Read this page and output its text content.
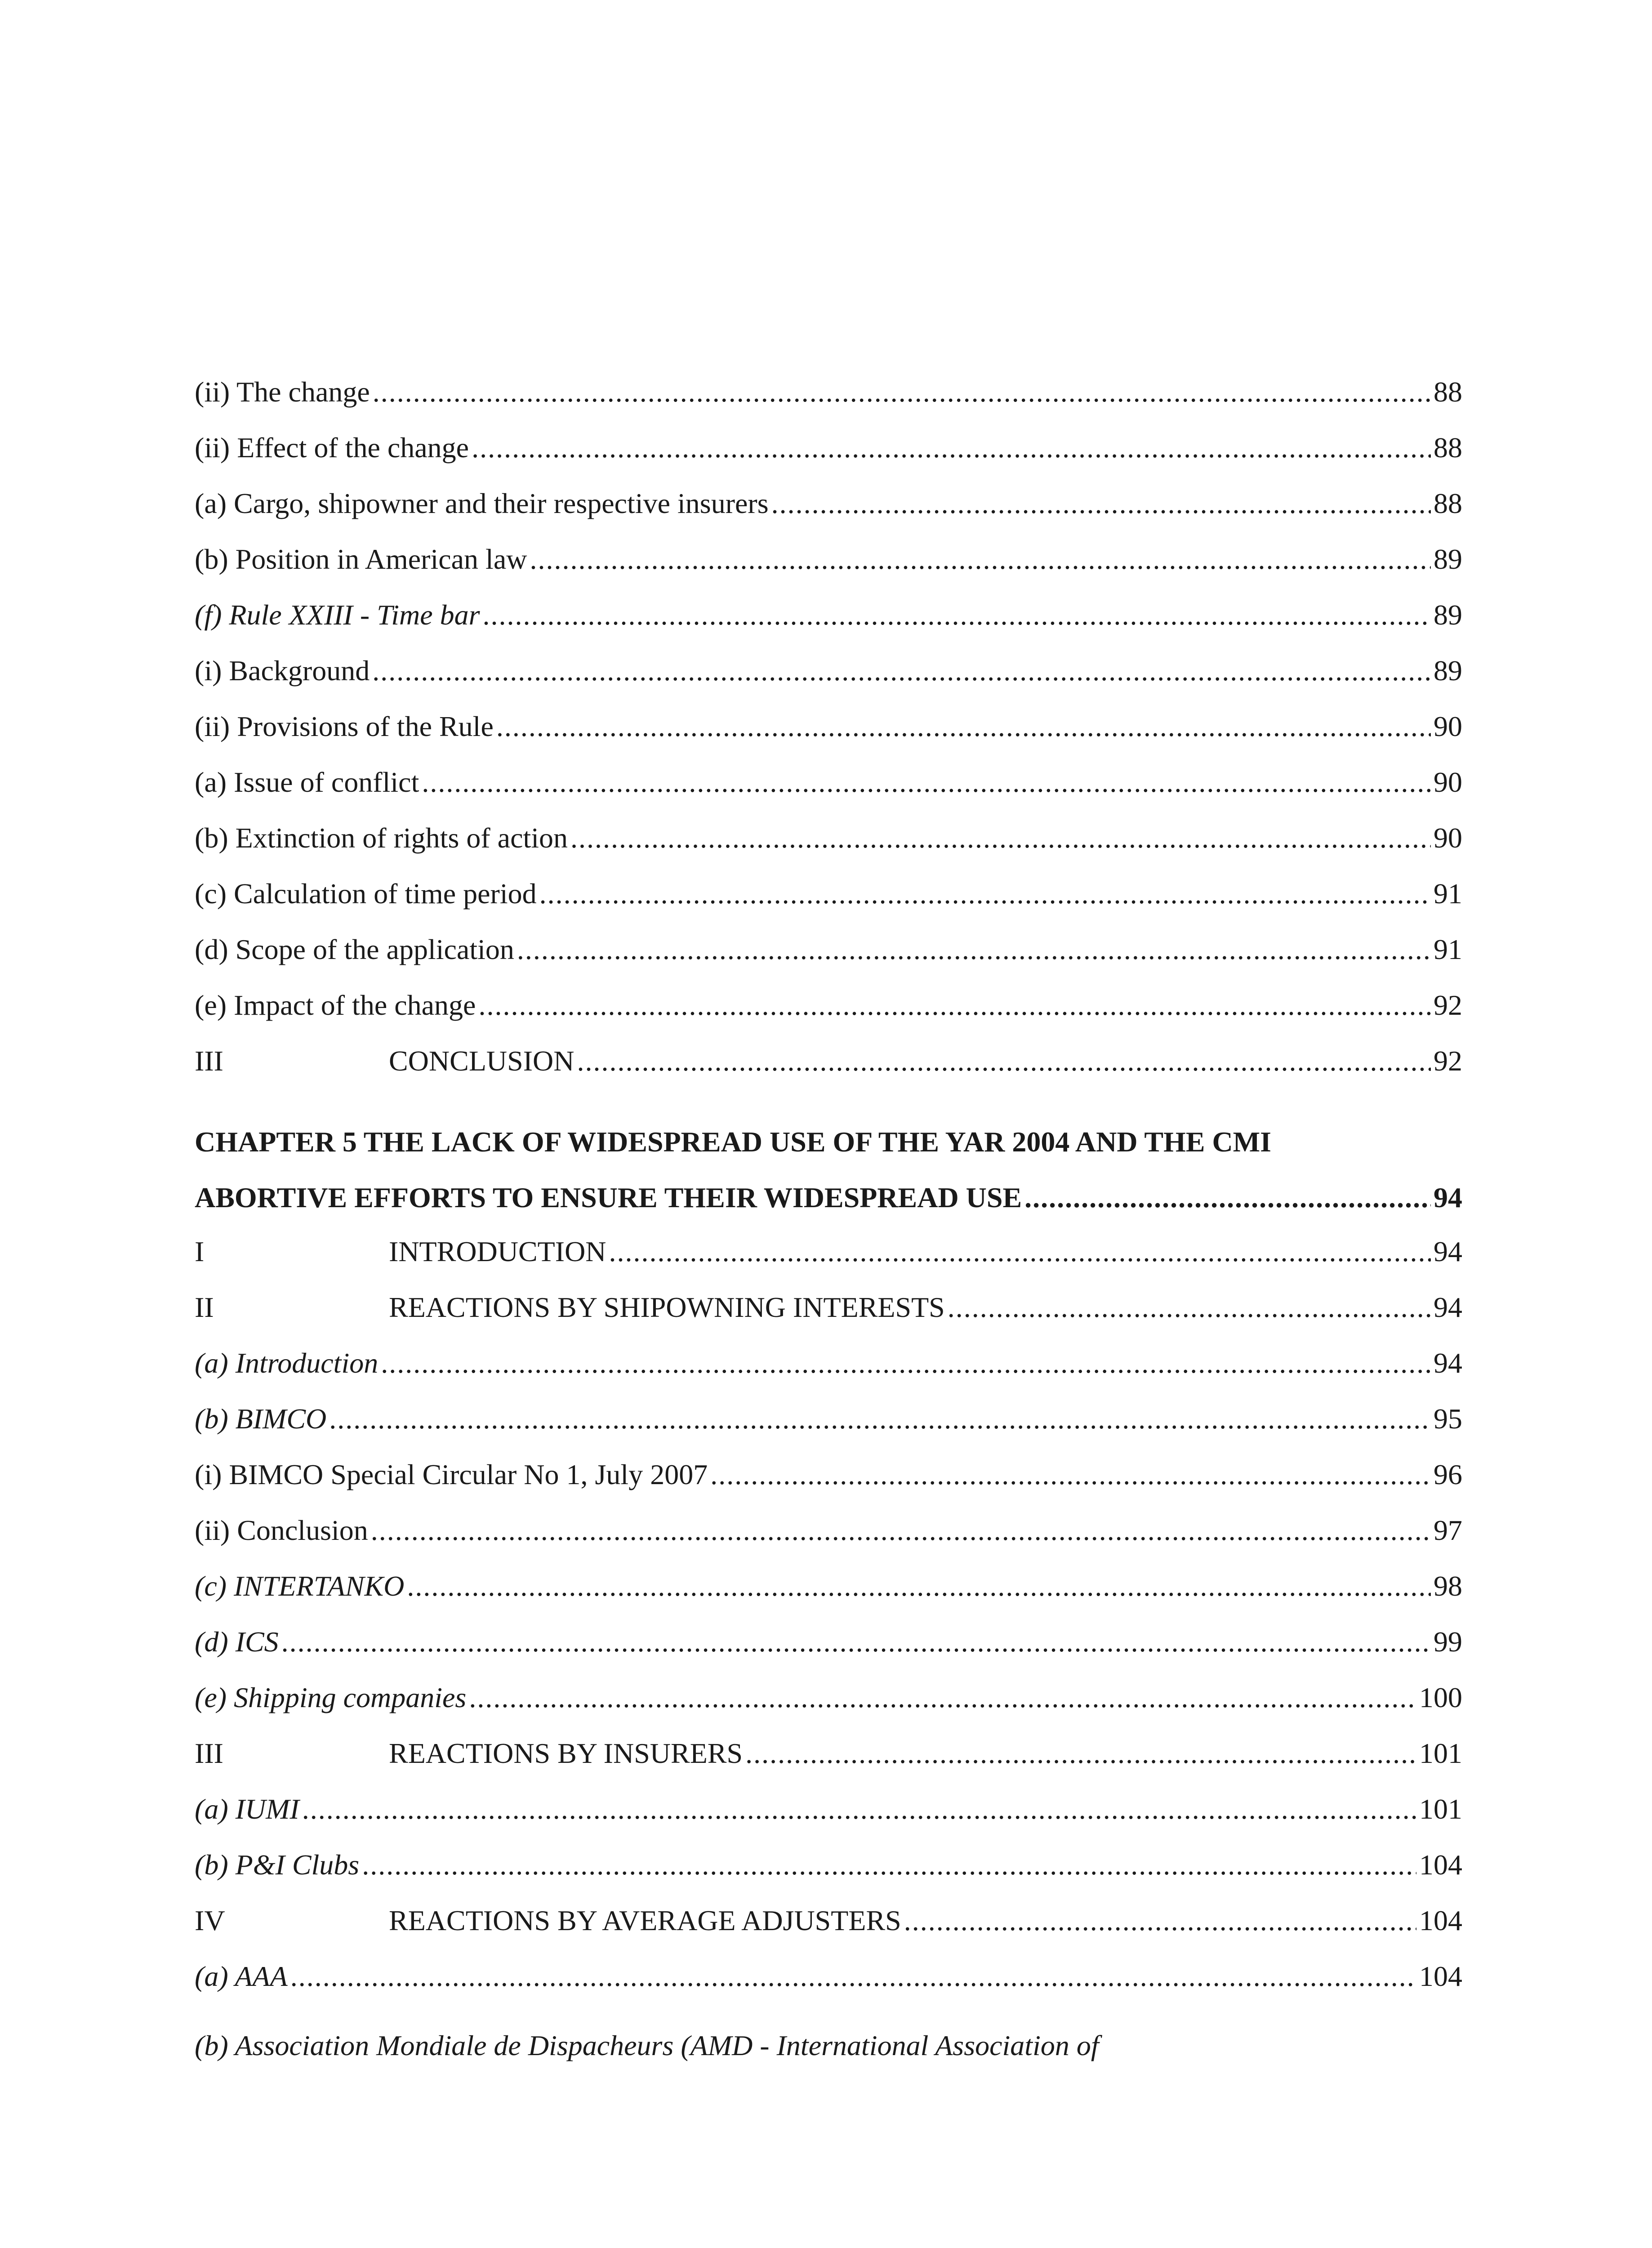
(ii) The change .....	88
(ii) Effect of the change .....	88
(a) Cargo, shipowner and their respective insurers .....	88
(b) Position in American law .....	89
(f) Rule XXIII - Time bar .....	89
(i) Background .....	89
(ii) Provisions of the Rule .....	90
(a) Issue of conflict .....	90
(b) Extinction of rights of action .....	90
(c) Calculation of time period .....	91
(d) Scope of the application .....	91
(e) Impact of the change .....	92
III	CONCLUSION .....	92
CHAPTER 5 THE LACK OF WIDESPREAD USE OF THE YAR 2004 AND THE CMI
ABORTIVE EFFORTS TO ENSURE THEIR WIDESPREAD USE .....	94
I	INTRODUCTION .....	94
II	REACTIONS BY SHIPOWNING INTERESTS .....	94
(a) Introduction .....	94
(b) BIMCO .....	95
(i) BIMCO Special Circular No 1, July 2007 .....	96
(ii) Conclusion .....	97
(c) INTERTANKO .....	98
(d) ICS .....	99
(e) Shipping companies .....	100
III	REACTIONS BY INSURERS .....	101
(a) IUMI .....	101
(b) P&I Clubs .....	104
IV	REACTIONS BY AVERAGE ADJUSTERS .....	104
(a) AAA .....	104
(b) Association Mondiale de Dispacheurs (AMD - International Association of
